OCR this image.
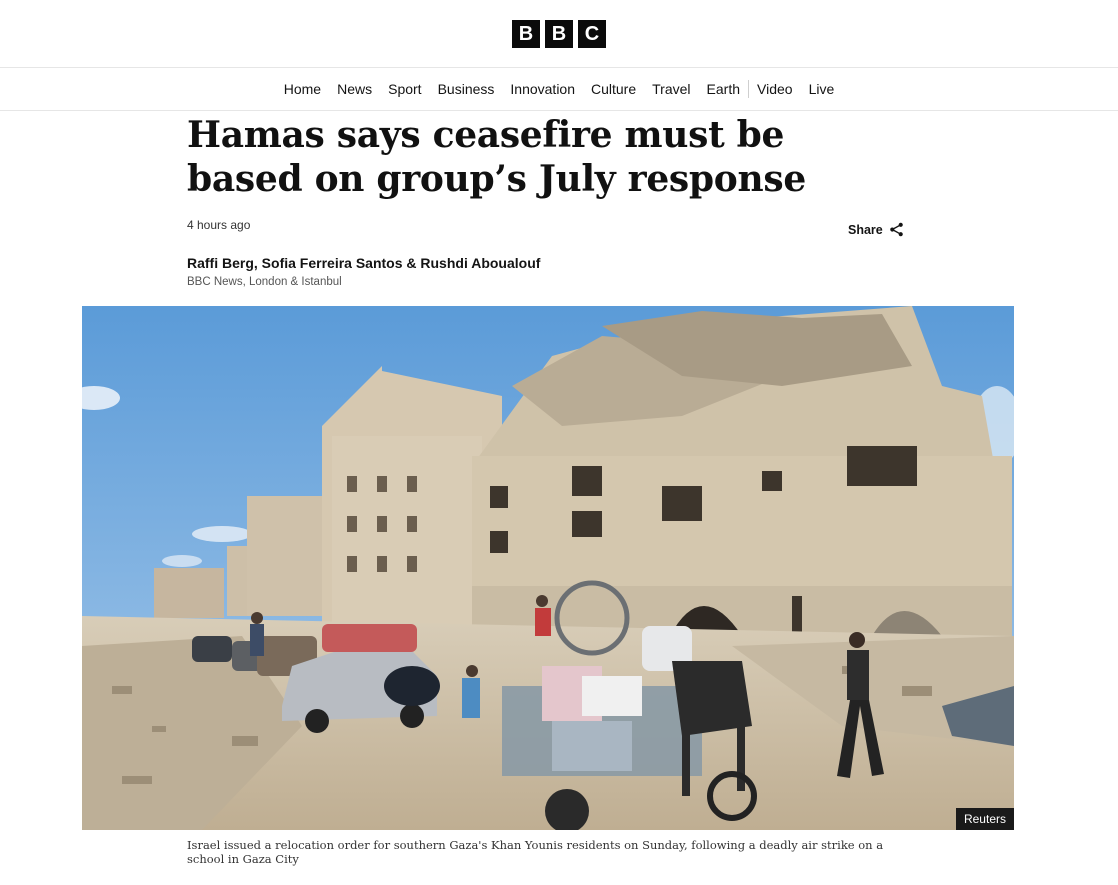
B B C
Home	News	Sport	Business	Innovation	Culture	Travel	Earth	Video	Live
Hamas says ceasefire must be based on group’s July response
4 hours ago	Share
Raffi Berg, Sofia Ferreira Santos & Rushdi Aboualouf
BBC News, London & Istanbul
Reuters
Israel issued a relocation order for southern Gaza's Khan Younis residents on Sunday, following a deadly air strike on a school in Gaza City
